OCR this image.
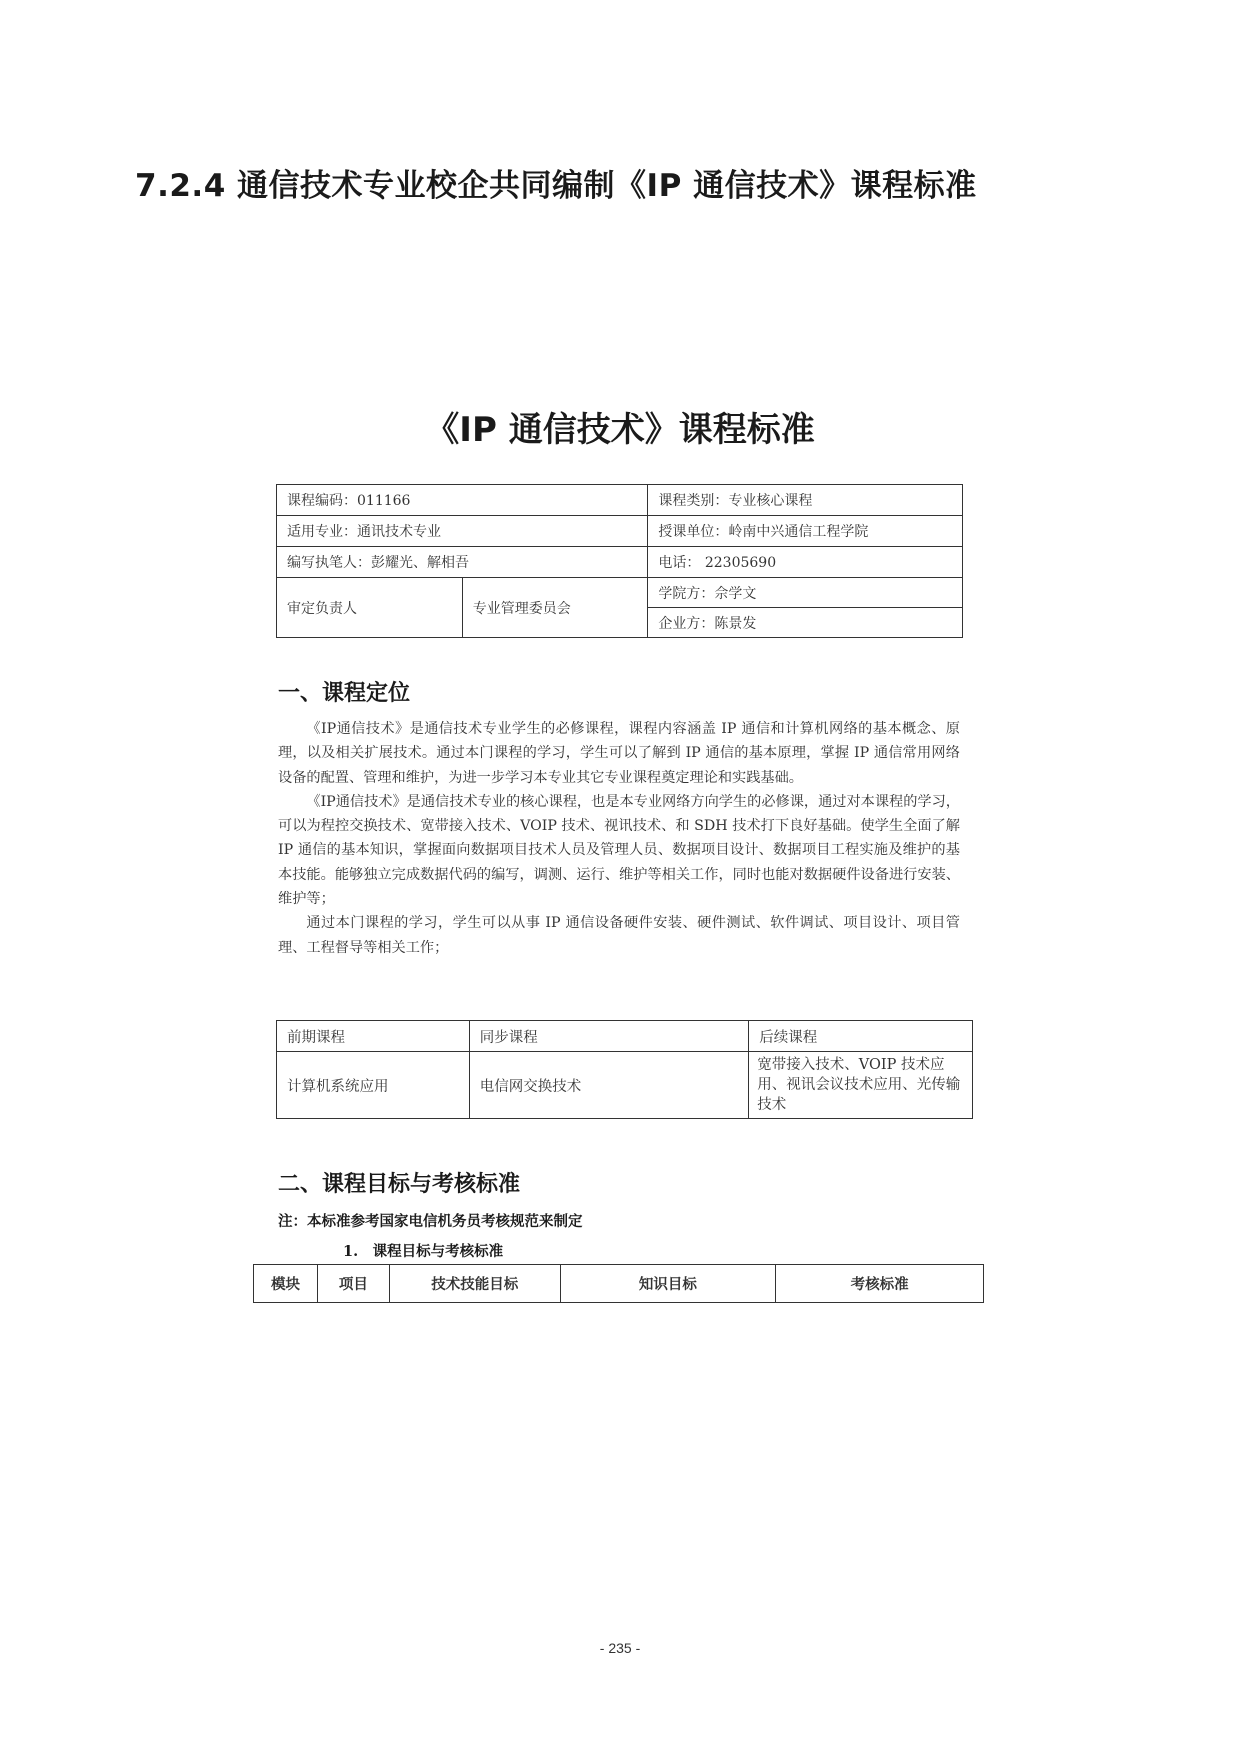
7.2.4 通信技术专业校企共同编制《IP 通信技术》课程标准
《IP 通信技术》课程标准
课程编码：011166		课程类别：专业核心课程
适用专业：通讯技术专业		授课单位：岭南中兴通信工程学院
编写执笔人：彭耀光、解相吾		电话： 22305690
审定负责人	专业管理委员会	学院方：佘学文
		企业方：陈景发
一、课程定位

《IP通信技术》是通信技术专业学生的必修课程，课程内容涵盖 IP 通信和计算机网络的基本概念、原理，以及相关扩展技术。通过本门课程的学习，学生可以了解到 IP 通信的基本原理，掌握 IP 通信常用网络设备的配置、管理和维护，为进一步学习本专业其它专业课程奠定理论和实践基础。

《IP通信技术》是通信技术专业的核心课程，也是本专业网络方向学生的必修课，通过对本课程的学习，可以为程控交换技术、宽带接入技术、VOIP 技术、视讯技术、和 SDH 技术打下良好基础。使学生全面了解 IP 通信的基本知识，掌握面向数据项目技术人员及管理人员、数据项目设计、数据项目工程实施及维护的基本技能。能够独立完成数据代码的编写，调测、运行、维护等相关工作，同时也能对数据硬件设备进行安装、维护等；

通过本门课程的学习，学生可以从事 IP 通信设备硬件安装、硬件测试、软件调试、项目设计、项目管理、工程督导等相关工作；

前期课程	同步课程	后续课程
计算机系统应用	电信网交换技术	宽带接入技术、VOIP 技术应用、视讯会议技术应用、光传输技术
二、课程目标与考核标准
注：本标准参考国家电信机务员考核规范来制定
1.　课程目标与考核标准
模块	项目	技术技能目标	知识目标	考核标准
- 235 -
